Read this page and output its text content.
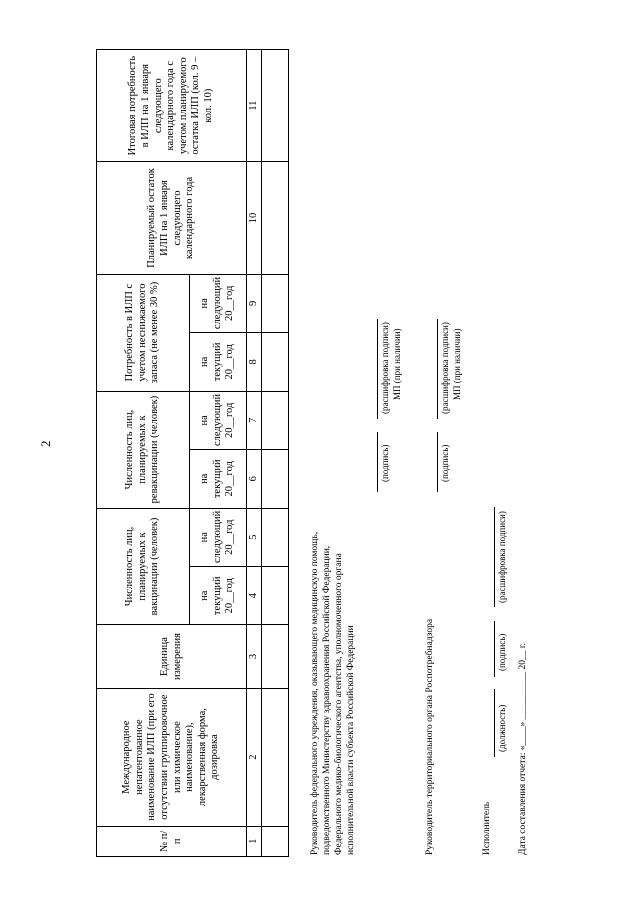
2
№ п/п	Международное непатентованное наименование ИЛП (при его отсутствии группировочное или химическое наименование), лекарственная форма, дозировка	Единица измерения	Численность лиц, планируемых к вакцинации (человек)		Численность лиц, планируемых к ревакцинации (человек)		Потребность в ИЛП с учетом неснижаемого запаса (не менее 30 %)		Планируемый остаток ИЛП на 1 января следующего календарного года	Итоговая потребность в ИЛП на 1 января следующего календарного года с учетом планируемого остатка ИЛП (кол. 9 – кол. 10)
			на текущий 20__год	на следующий 20__год	на текущий 20__год	на следующий 20__год	на текущий 20__год	на следующий 20__год		
1	2	3	4	5	6	7	8	9	10	11

Руководитель федерального учреждения, оказывающего медицинскую помощь, подведомственного Министерству здравоохранения Российской Федерации, Федерального медико-биологического агентства, уполномоченного органа исполнительной власти субъекта Российской Федерации
(подпись)
(расшифровка подписи) МП (при наличии)
Руководитель территориального органа Роспотребнадзора
(подпись)
(расшифровка подписи) МП (при наличии)
Исполнитель
(должность)
(подпись)
(расшифровка подписи)
Дата составления отчета: «____» __________ 20__ г.
